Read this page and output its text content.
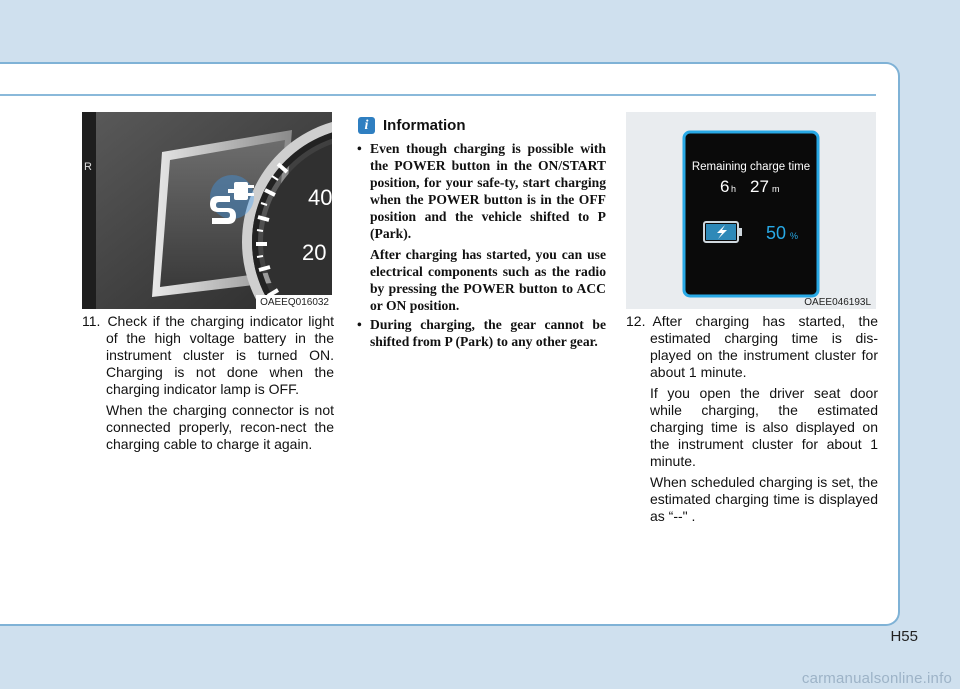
R
40
20
OAEEQ016032
11.  Check if the charging indicator light of the high voltage battery in the instrument cluster is turned ON. Charging is not done when the charging indicator lamp is OFF.
When the charging connector is not connected properly, recon-nect the charging cable to charge it again.
i Information
• Even though charging is possible with the POWER button in the ON/START position, for your safe-ty, start charging when the POWER button is in the OFF position and the vehicle shifted to P (Park).
After charging has started, you can use electrical components such as the radio by pressing the POWER button to ACC or ON position.
• During charging, the gear cannot be shifted from P (Park) to any other gear.
Remaining charge time
6 h 27 m
50 %
OAEE046193L
12.  After charging has started, the estimated charging time is dis-played on the instrument cluster for about 1 minute.
If you open the driver seat door while charging, the estimated charging time is also displayed on the instrument cluster for about 1 minute.
When scheduled charging is set, the estimated charging time is displayed as “--" .
H55
carmanualsonline.info
